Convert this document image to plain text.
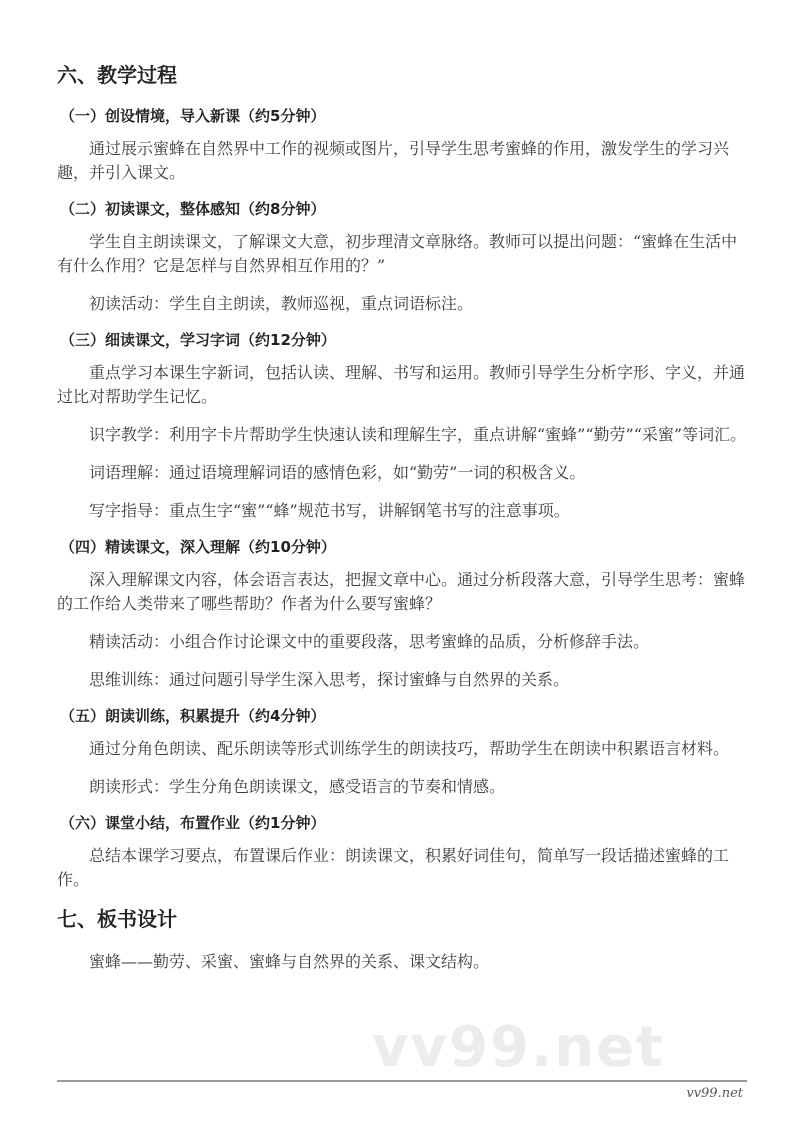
vv99.net
六、教学过程
（一）创设情境，导入新课（约5分钟）
通过展示蜜蜂在自然界中工作的视频或图片，引导学生思考蜜蜂的作用，激发学生的学习兴趣，并引入课文。
（二）初读课文，整体感知（约8分钟）
学生自主朗读课文，了解课文大意，初步理清文章脉络。教师可以提出问题：“蜜蜂在生活中有什么作用？它是怎样与自然界相互作用的？”
初读活动：学生自主朗读，教师巡视，重点词语标注。
（三）细读课文，学习字词（约12分钟）
重点学习本课生字新词，包括认读、理解、书写和运用。教师引导学生分析字形、字义，并通过比对帮助学生记忆。
识字教学：利用字卡片帮助学生快速认读和理解生字，重点讲解“蜜蜂”“勤劳”“采蜜”等词汇。
词语理解：通过语境理解词语的感情色彩，如“勤劳”一词的积极含义。
写字指导：重点生字“蜜”“蜂”规范书写，讲解钢笔书写的注意事项。
（四）精读课文，深入理解（约10分钟）
深入理解课文内容，体会语言表达，把握文章中心。通过分析段落大意，引导学生思考：蜜蜂的工作给人类带来了哪些帮助？作者为什么要写蜜蜂？
精读活动：小组合作讨论课文中的重要段落，思考蜜蜂的品质，分析修辞手法。
思维训练：通过问题引导学生深入思考，探讨蜜蜂与自然界的关系。
（五）朗读训练，积累提升（约4分钟）
通过分角色朗读、配乐朗读等形式训练学生的朗读技巧，帮助学生在朗读中积累语言材料。
朗读形式：学生分角色朗读课文，感受语言的节奏和情感。
（六）课堂小结，布置作业（约1分钟）
总结本课学习要点，布置课后作业：朗读课文，积累好词佳句，简单写一段话描述蜜蜂的工作。
七、板书设计
蜜蜂——勤劳、采蜜、蜜蜂与自然界的关系、课文结构。
vv99.net
